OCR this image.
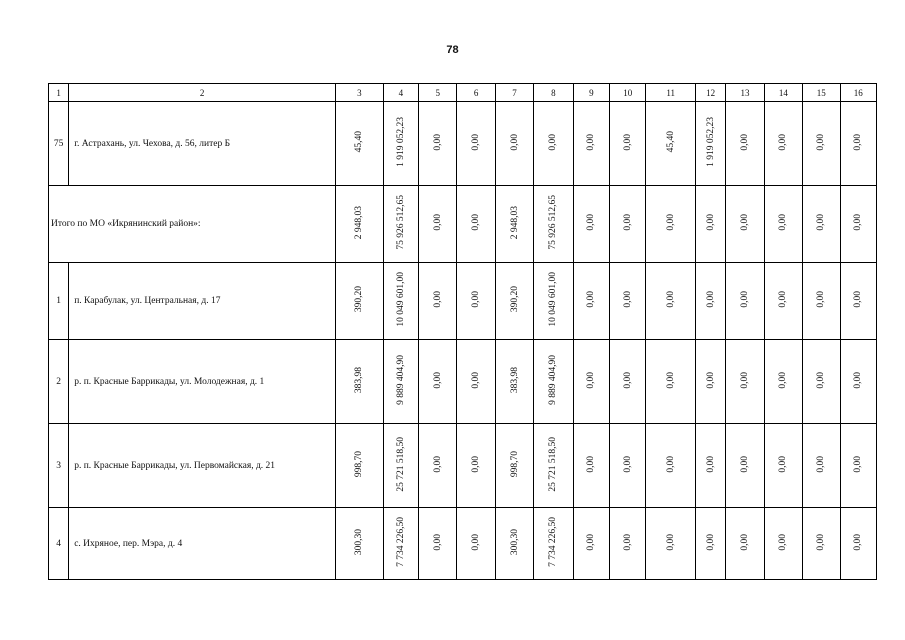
78
1	2	3	4	5	6	7	8	9	10	11	12	13	14	15	16
75	г. Астрахань, ул. Чехова, д. 56, литер Б	45,40	1 919 052,23	0,00	0,00	0,00	0,00	0,00	0,00	45,40	1 919 052,23	0,00	0,00	0,00	0,00
Итого по МО «Икрянинский район»:		2 948,03	75 926 512,65	0,00	0,00	2 948,03	75 926 512,65	0,00	0,00	0,00	0,00	0,00	0,00	0,00	0,00
1	п. Карабулак, ул. Центральная, д. 17	390,20	10 049 601,00	0,00	0,00	390,20	10 049 601,00	0,00	0,00	0,00	0,00	0,00	0,00	0,00	0,00
2	р. п. Красные Баррикады, ул. Молодежная, д. 1	383,98	9 889 404,90	0,00	0,00	383,98	9 889 404,90	0,00	0,00	0,00	0,00	0,00	0,00	0,00	0,00
3	р. п. Красные Баррикады, ул. Первомайская, д. 21	998,70	25 721 518,50	0,00	0,00	998,70	25 721 518,50	0,00	0,00	0,00	0,00	0,00	0,00	0,00	0,00
4	с. Ихряное, пер. Мэра, д. 4	300,30	7 734 226,50	0,00	0,00	300,30	7 734 226,50	0,00	0,00	0,00	0,00	0,00	0,00	0,00	0,00
